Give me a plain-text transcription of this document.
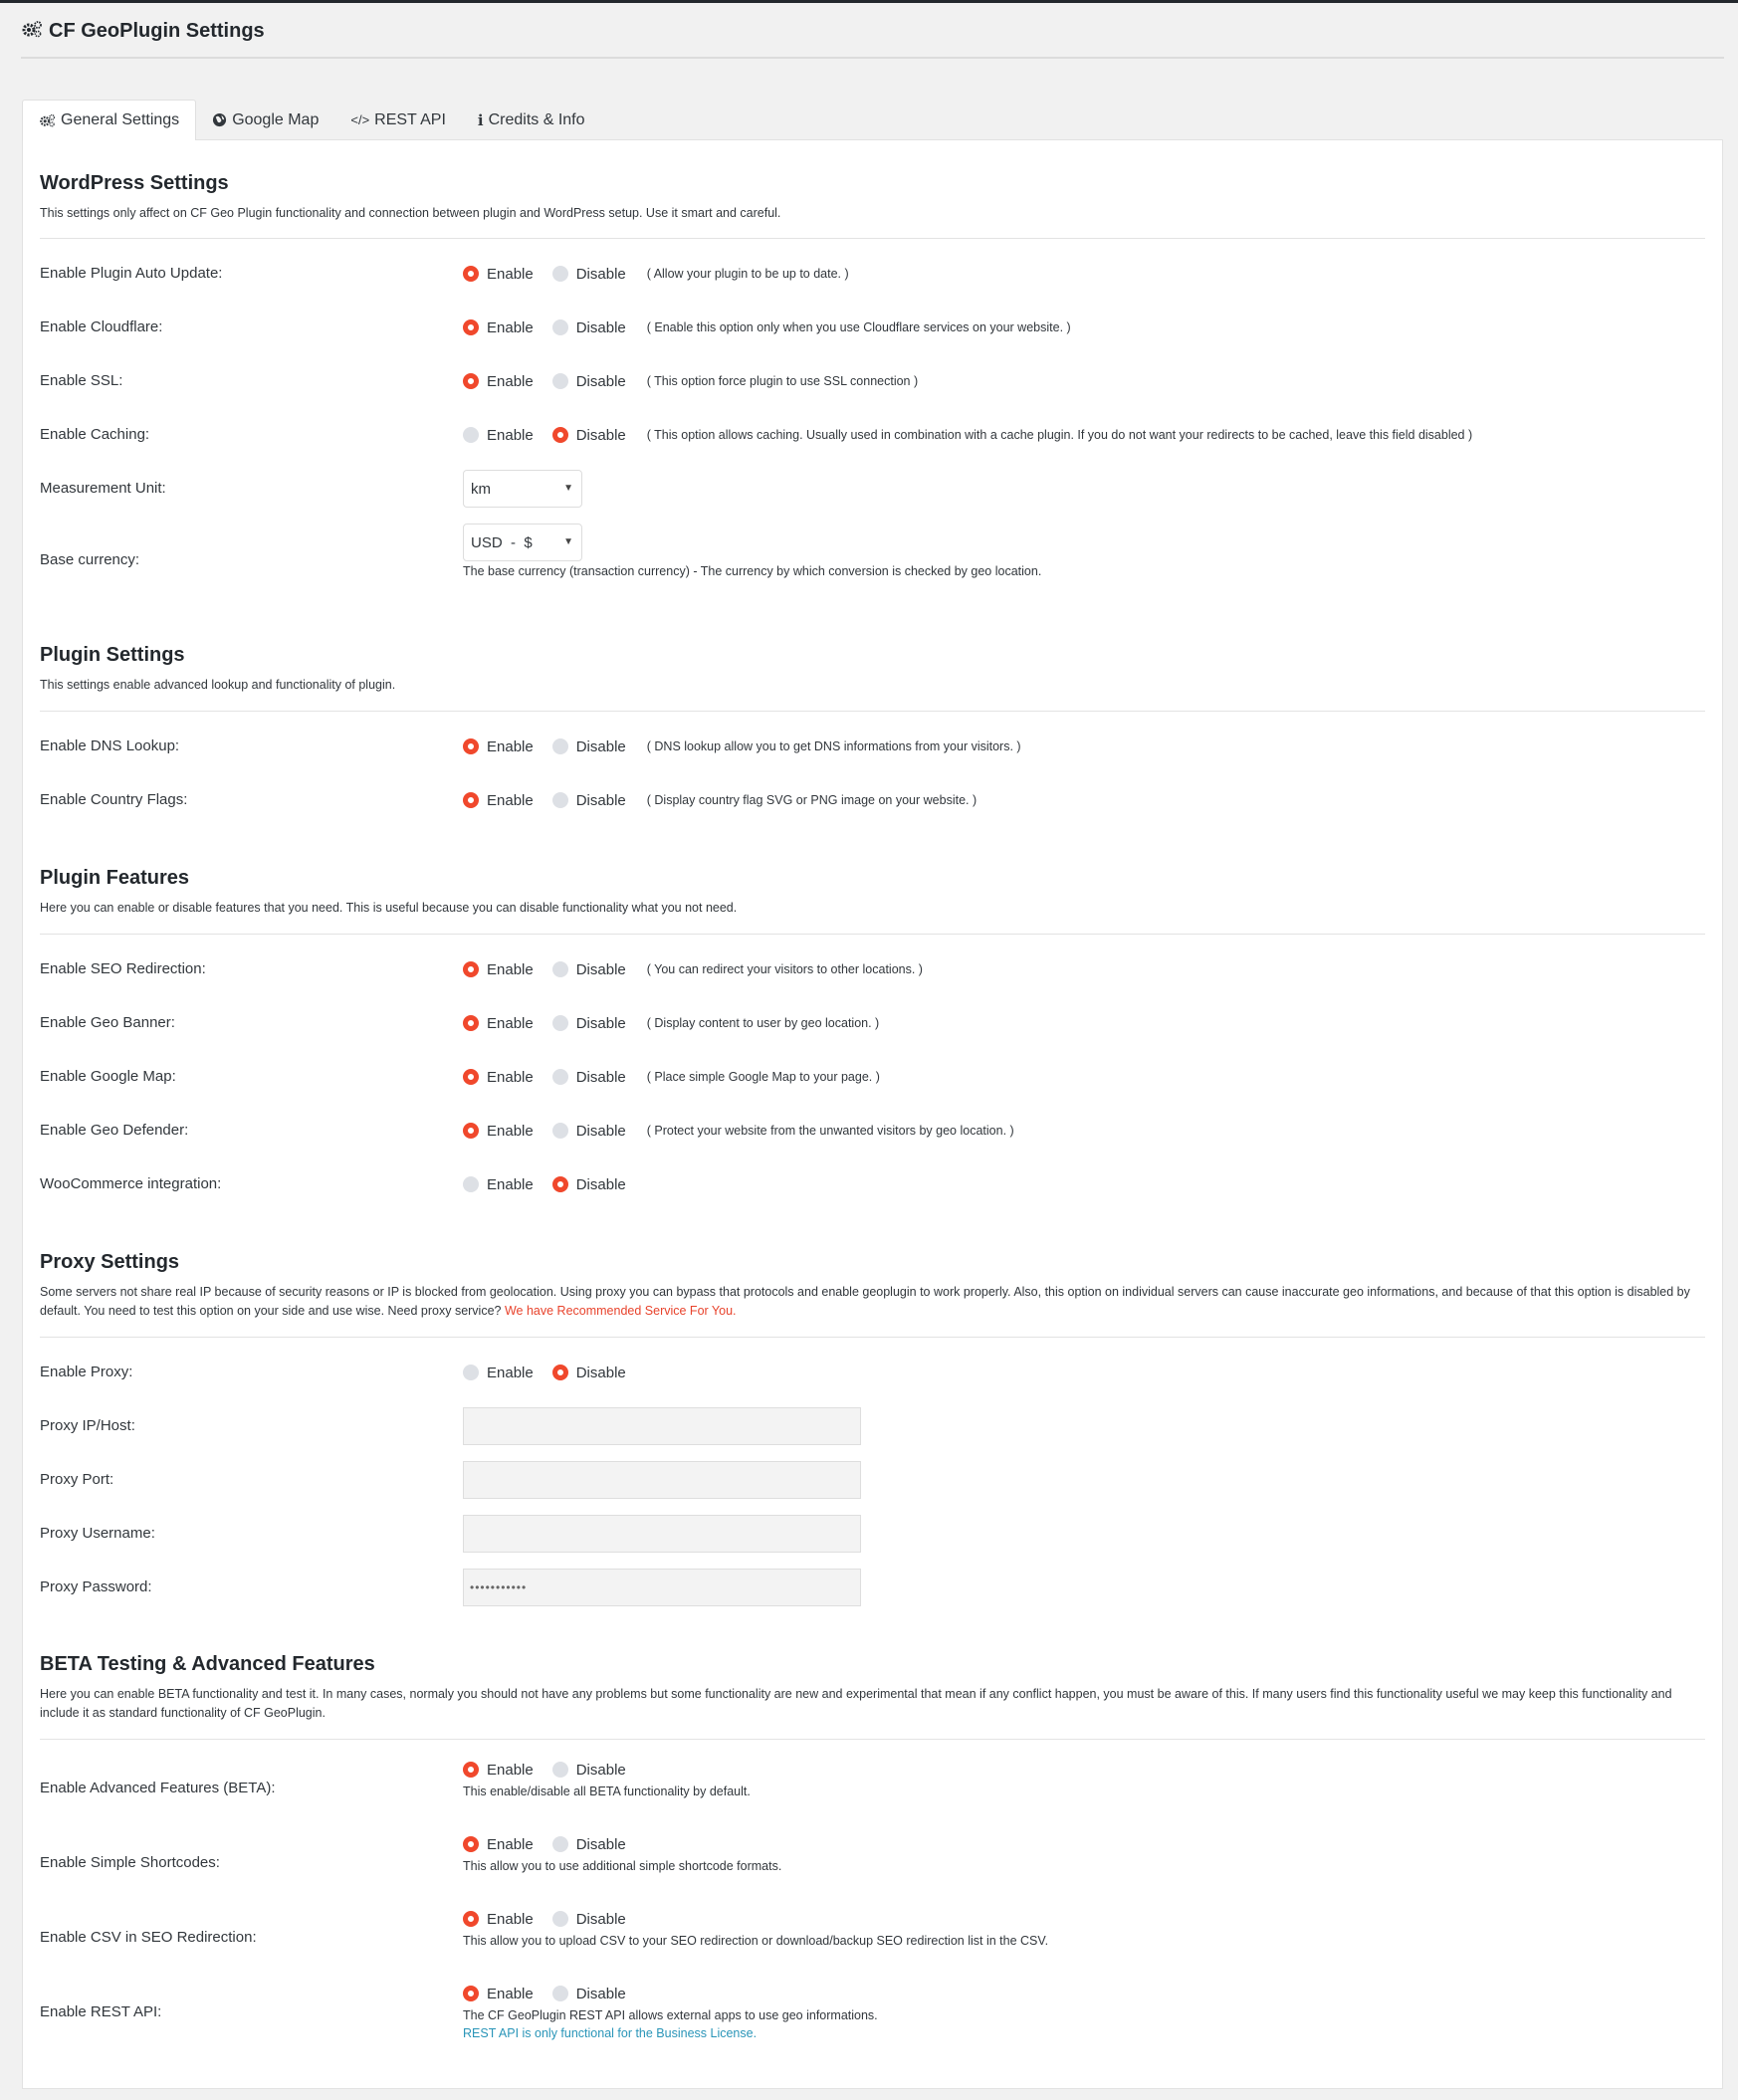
CF GeoPlugin Settings
General Settings	Google Map </> REST API i Credits & Info
WordPress Settings
This settings only affect on CF Geo Plugin functionality and connection between plugin and WordPress setup. Use it smart and careful.
Enable Plugin Auto Update:	Enable	Disable ( Allow your plugin to be up to date. )
Enable Cloudflare:	Enable	Disable ( Enable this option only when you use Cloudflare services on your website. )
Enable SSL:	Enable	Disable ( This option force plugin to use SSL connection )
Enable Caching:	Enable	Disable ( This option allows caching. Usually used in combination with a cache plugin. If you do not want your redirects to be cached, leave this field disabled )
Measurement Unit:	km	▼
Base currency:
USD  -  $	▼
The base currency (transaction currency) - The currency by which conversion is checked by geo location.
Plugin Settings
This settings enable advanced lookup and functionality of plugin.
Enable DNS Lookup:	Enable	Disable ( DNS lookup allow you to get DNS informations from your visitors. )
Enable Country Flags:	Enable	Disable ( Display country flag SVG or PNG image on your website. )
Plugin Features
Here you can enable or disable features that you need. This is useful because you can disable functionality what you not need.
Enable SEO Redirection:	Enable	Disable ( You can redirect your visitors to other locations. )
Enable Geo Banner:	Enable	Disable ( Display content to user by geo location. )
Enable Google Map:	Enable	Disable ( Place simple Google Map to your page. )
Enable Geo Defender:	Enable	Disable ( Protect your website from the unwanted visitors by geo location. )
WooCommerce integration:	Enable	Disable
Proxy Settings
Some servers not share real IP because of security reasons or IP is blocked from geolocation. Using proxy you can bypass that protocols and enable geoplugin to work properly. Also, this option on individual servers can cause inaccurate geo informations, and because of that this option is disabled by default. You need to test this option on your side and use wise. Need proxy service? We have Recommended Service For You.
Enable Proxy:	Enable	Disable
Proxy IP/Host:
Proxy Port:
Proxy Username:
Proxy Password:	•••••••••••
BETA Testing & Advanced Features
Here you can enable BETA functionality and test it. In many cases, normaly you should not have any problems but some functionality are new and experimental that mean if any conflict happen, you must be aware of this. If many users find this functionality useful we may keep this functionality and include it as standard functionality of CF GeoPlugin.
Enable Advanced Features (BETA):
Enable	Disable
This enable/disable all BETA functionality by default.
Enable Simple Shortcodes:
Enable	Disable
This allow you to use additional simple shortcode formats.
Enable CSV in SEO Redirection:
Enable	Disable
This allow you to upload CSV to your SEO redirection or download/backup SEO redirection list in the CSV.
Enable REST API:
Enable	Disable
The CF GeoPlugin REST API allows external apps to use geo informations.
REST API is only functional for the Business License.
